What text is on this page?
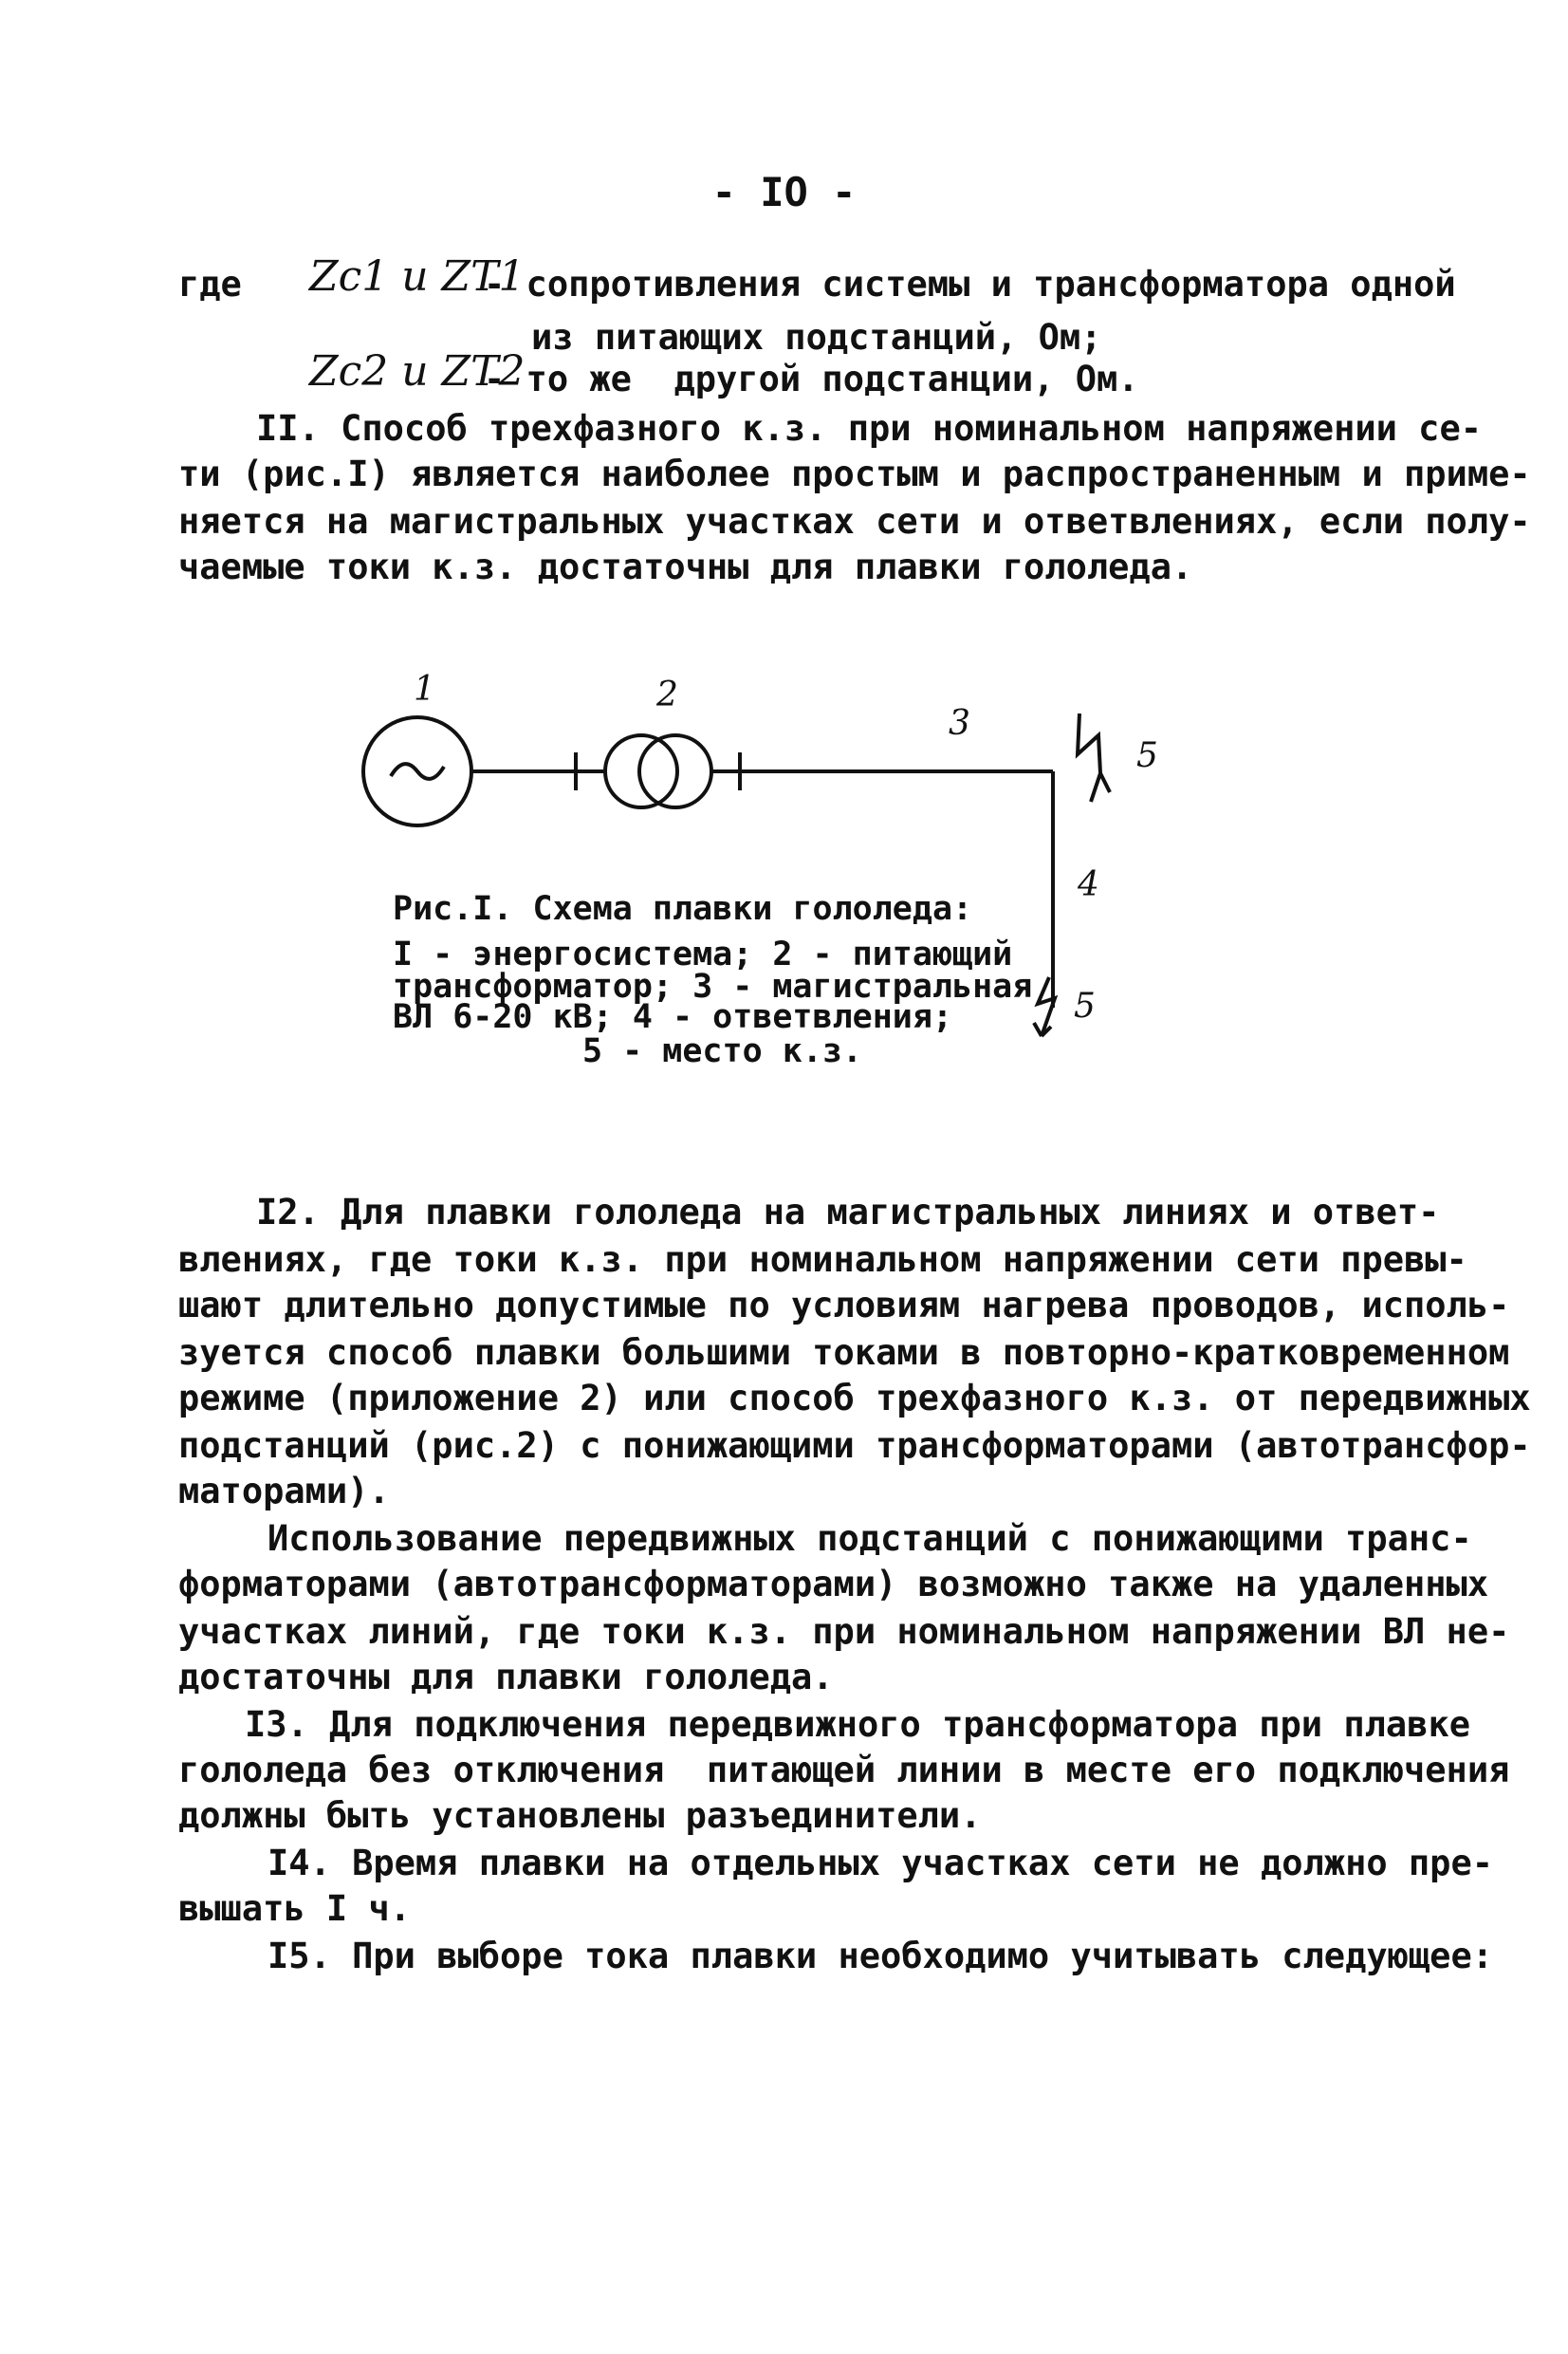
- IO -
где Zc1 и ZT1
- сопротивления системы и трансформатора одной
из питающих подстанций, Ом;
Zc2 и ZT2
- то же  другой подстанции, Ом.
II. Способ трехфазного к.з. при номинальном напряжении се-
ти (рис.I) является наиболее простым и распространенным и приме-
няется на магистральных участках сети и ответвлениях, если полу-
чаемые токи к.з. достаточны для плавки гололеда.
1	2
3
4
5
5
Рис.I. Схема плавки гололеда:
I - энергосистема; 2 - питающий
трансформатор; 3 - магистральная
ВЛ 6-20 кВ; 4 - ответвления;
5 - место к.з.
I2. Для плавки гололеда на магистральных линиях и ответ-
влениях, где токи к.з. при номинальном напряжении сети превы-
шают длительно допустимые по условиям нагрева проводов, исполь-
зуется способ плавки большими токами в повторно-кратковременном
режиме (приложение 2) или способ трехфазного к.з. от передвижных
подстанций (рис.2) с понижающими трансформаторами (автотрансфор-
маторами).
Использование передвижных подстанций с понижающими транс-
форматорами (автотрансформаторами) возможно также на удаленных
участках линий, где токи к.з. при номинальном напряжении ВЛ не-
достаточны для плавки гололеда.
I3. Для подключения передвижного трансформатора при плавке
гололеда без отключения  питающей линии в месте его подключения
должны быть установлены разъединители.
I4. Время плавки на отдельных участках сети не должно пре-
вышать I ч.
I5. При выборе тока плавки необходимо учитывать следующее:
